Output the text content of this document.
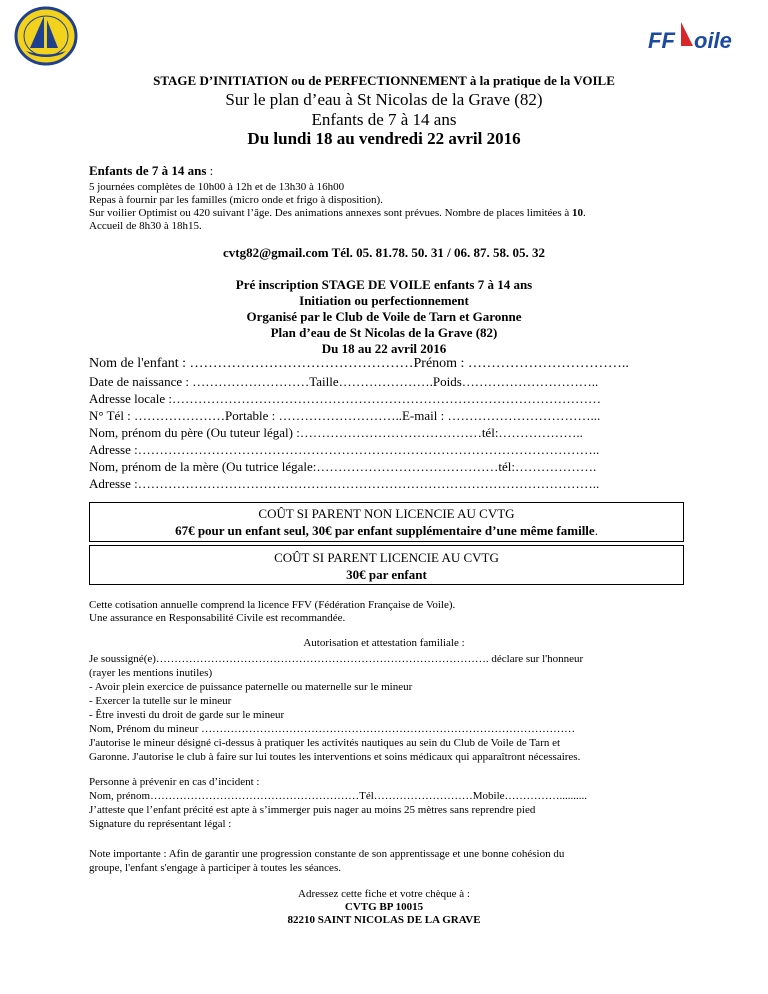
FF oile
STAGE D’INITIATION ou de PERFECTIONNEMENT à la pratique de la VOILE
Sur le plan d’eau à St Nicolas de la Grave (82)
Enfants de 7 à 14 ans
Du lundi 18 au vendredi 22 avril 2016
Enfants de 7 à 14 ans :
5 journées complètes de 10h00 à 12h et de 13h30 à 16h00
Repas à fournir par les familles (micro onde et frigo à disposition).
Sur voilier Optimist ou 420 suivant l’âge. Des animations annexes sont prévues. Nombre de places limitées à 10.
Accueil de 8h30 à 18h15.
cvtg82@gmail.com Tél. 05. 81.78. 50. 31 / 06. 87. 58. 05. 32
Pré inscription STAGE DE VOILE enfants 7 à 14 ans
Initiation ou perfectionnement
Organisé par le Club de Voile de Tarn et Garonne
Plan d’eau de St Nicolas de la Grave (82)
Du 18 au 22 avril 2016
Nom de l'enfant : …………………………………………Prénom : ……………………………..
Date de naissance : ………………………Taille………………….Poids…………………………..
Adresse locale :………………………………………………………………………………………
N° Tél : …………………Portable : ………………………..E-mail : ……………………………...
Nom, prénom du père (Ou tuteur légal) :……………………………………tél:………………..
Adresse :……………………………………………………………………………………………..
Nom, prénom de la mère (Ou tutrice légale:……………………………………tél:……………….
Adresse :……………………………………………………………………………………………..
COÛT SI PARENT NON LICENCIE AU CVTG
67€ pour un enfant seul, 30€ par enfant supplémentaire d’une même famille.
COÛT SI PARENT LICENCIE AU CVTG
30€ par enfant
Cette cotisation annuelle comprend la licence FFV (Fédération Française de Voile).
Une assurance en Responsabilité Civile est recommandée.
Autorisation et attestation familiale :
Je soussigné(e)………………………………………………………………………………. déclare sur l'honneur
(rayer les mentions inutiles)
- Avoir plein exercice de puissance paternelle ou maternelle sur le mineur
- Exercer la tutelle sur le mineur
- Être investi du droit de garde sur le mineur
Nom, Prénom du mineur …………………………………………………………………………………………
J'autorise le mineur désigné ci-dessus à pratiquer les activités nautiques au sein du Club de Voile de Tarn et
Garonne. J'autorise le club à faire sur lui toutes les interventions et soins médicaux qui apparaîtront nécessaires.
Personne à prévenir en cas d’incident :
Nom, prénom…………………………………………………Tél………………………Mobile……………..........
J’atteste que l’enfant précité est apte à s’immerger puis nager au moins 25 mètres sans reprendre pied
Signature du représentant légal :
Note importante : Afin de garantir une progression constante de son apprentissage et une bonne cohésion du
groupe, l'enfant s'engage à participer à toutes les séances.
Adressez cette fiche et votre chèque à :
CVTG BP 10015
82210 SAINT NICOLAS DE LA GRAVE
